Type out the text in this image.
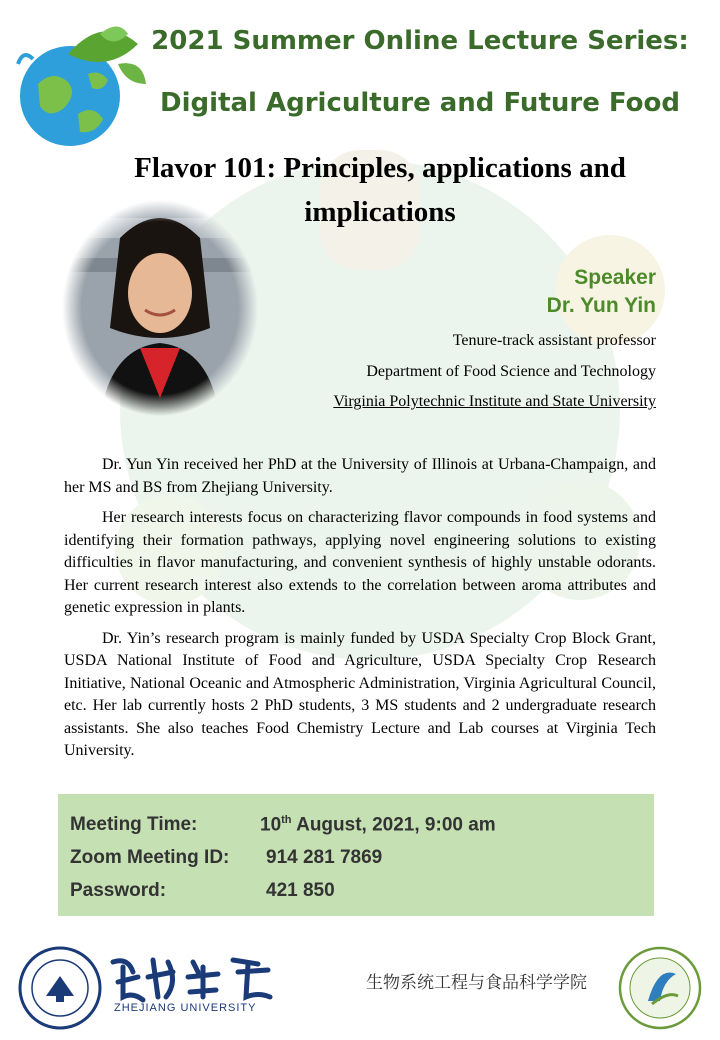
2021 Summer Online Lecture Series:
Digital Agriculture and Future Food
Flavor 101: Principles, applications and implications
Speaker
Dr. Yun Yin
Tenure-track assistant professor
Department of Food Science and Technology
Virginia Polytechnic Institute and State University

Dr. Yun Yin received her PhD at the University of Illinois at Urbana-Champaign, and her MS and BS from Zhejiang University.

Her research interests focus on characterizing flavor compounds in food systems and identifying their formation pathways, applying novel engineering solutions to existing difficulties in flavor manufacturing, and convenient synthesis of highly unstable odorants. Her current research interest also extends to the correlation between aroma attributes and genetic expression in plants.

Dr. Yin’s research program is mainly funded by USDA Specialty Crop Block Grant, USDA National Institute of Food and Agriculture, USDA Specialty Crop Research Initiative, National Oceanic and Atmospheric Administration, Virginia Agricultural Council, etc. Her lab currently hosts 2 PhD students, 3 MS students and 2 undergraduate research assistants. She also teaches Food Chemistry Lecture and Lab courses at Virginia Tech University.

Meeting Time:	10th August, 2021, 9:00 am
Zoom Meeting ID: 914 281 7869
Password:	421 850
ZHEJIANG UNIVERSITY
生物系统工程与食品科学学院
